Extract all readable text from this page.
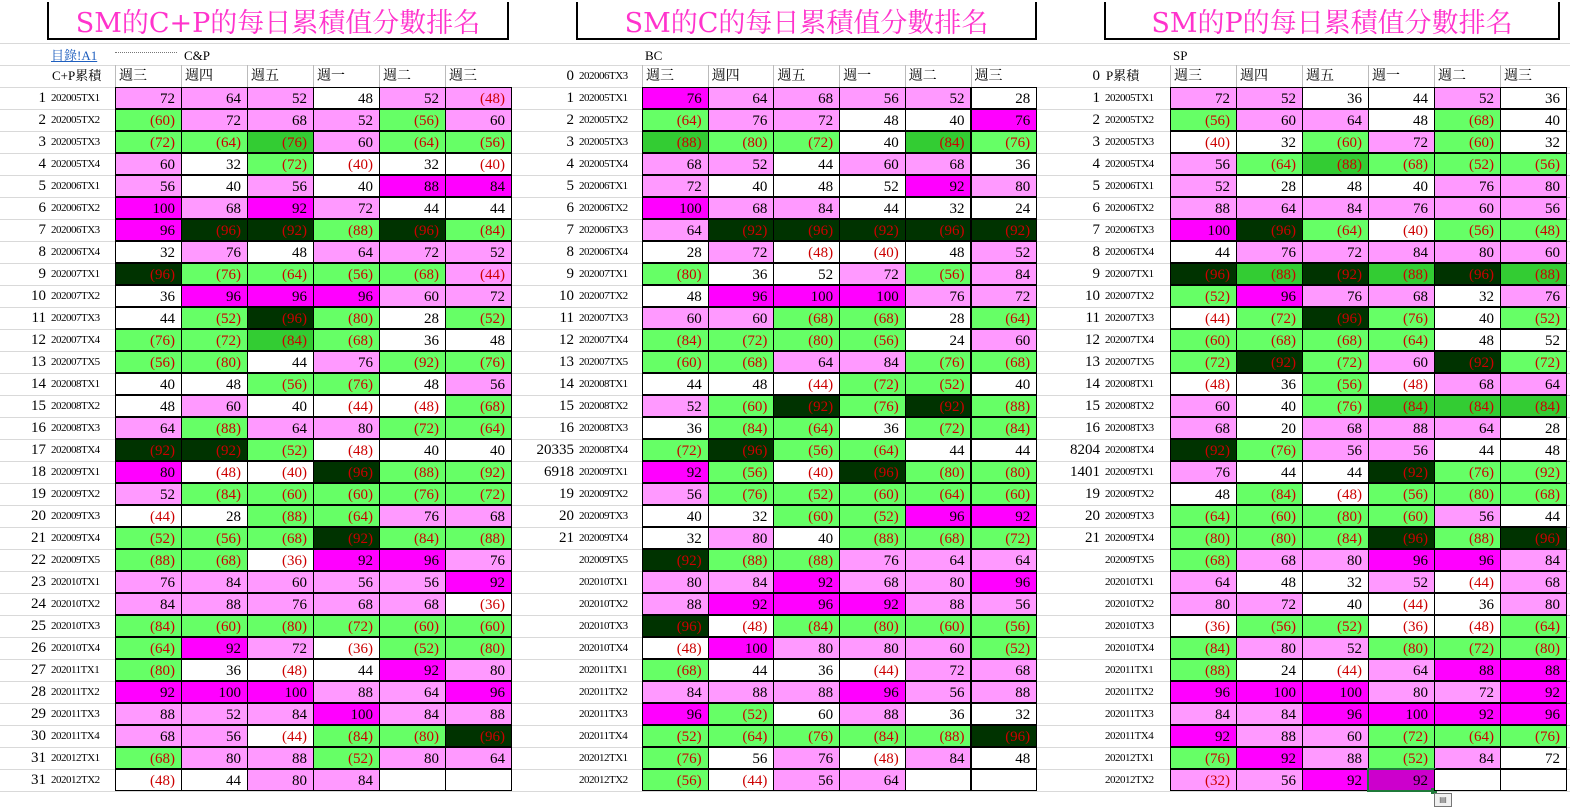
SM的C+P的每日累積值分數排名
目錄!A1	C&P
C+P累積	週三	週四	週五	週一	週二	週三
1 202005TX1	72	64	52	48	52	(48)
2 202005TX2	(60)	72	68	52	(56)	60
3 202005TX3	(72)	(64)	(76)	60	(64)	(56)
4 202005TX4	60	32	(72)	(40)	32	(40)
5 202006TX1	56	40	56	40	88	84
6 202006TX2	100	68	92	72	44	44
7 202006TX3	96	(96)	(92)	(88)	(96)	(84)
8 202006TX4	32	76	48	64	72	52
9 202007TX1	(96)	(76)	(64)	(56)	(68)	(44)
10 202007TX2	36	96	96	96	60	72
11 202007TX3	44	(52)	(96)	(80)	28	(52)
12 202007TX4	(76)	(72)	(84)	(68)	36	48
13 202007TX5	(56)	(80)	44	76	(92)	(76)
14 202008TX1	40	48	(56)	(76)	48	56
15 202008TX2	48	60	40	(44)	(48)	(68)
16 202008TX3	64	(88)	64	80	(72)	(64)
17 202008TX4	(92)	(92)	(52)	(48)	40	40
18 202009TX1	80	(48)	(40)	(96)	(88)	(92)
19 202009TX2	52	(84)	(60)	(60)	(76)	(72)
20 202009TX3	(44)	28	(88)	(64)	76	68
21 202009TX4	(52)	(56)	(68)	(92)	(84)	(88)
22 202009TX5	(88)	(68)	(36)	92	96	76
23 202010TX1	76	84	60	56	56	92
24 202010TX2	84	88	76	68	68	(36)
25 202010TX3	(84)	(60)	(80)	(72)	(60)	(60)
26 202010TX4	(64)	92	72	(36)	(52)	(80)
27 202011TX1	(80)	36	(48)	44	92	80
28 202011TX2	92	100	100	88	64	96
29 202011TX3	88	52	84	100	84	88
30 202011TX4	68	56	(44)	(84)	(80)	(96)
31 202012TX1	(68)	80	88	(52)	80	64
31 202012TX2	(48)	44	80	84
SM的C的每日累積值分數排名
BC
0 202006TX3	週三	週四	週五	週一	週二	週三
1 202005TX1	76	64	68	56	52	28
2 202005TX2	(64)	76	72	48	40	76
3 202005TX3	(88)	(80)	(72)	40	(84)	(76)
4 202005TX4	68	52	44	60	68	36
5 202006TX1	72	40	48	52	92	80
6 202006TX2	100	68	84	44	32	24
7 202006TX3	64	(92)	(96)	(92)	(96)	(92)
8 202006TX4	28	72	(48)	(40)	48	52
9 202007TX1	(80)	36	52	72	(56)	84
10 202007TX2	48	96	100	100	76	72
11 202007TX3	60	60	(68)	(68)	28	(64)
12 202007TX4	(84)	(72)	(80)	(56)	24	60
13 202007TX5	(60)	(68)	64	84	(76)	(68)
14 202008TX1	44	48	(44)	(72)	(52)	40
15 202008TX2	52	(60)	(92)	(76)	(92)	(88)
16 202008TX3	36	(84)	(64)	36	(72)	(84)
20335 202008TX4	(72)	(96)	(56)	(64)	44	44
6918 202009TX1	92	(56)	(40)	(96)	(80)	(80)
19 202009TX2	56	(76)	(52)	(60)	(64)	(60)
20 202009TX3	40	32	(60)	(52)	96	92
21 202009TX4	32	80	40	(88)	(68)	(72)
202009TX5	(92)	(88)	(88)	76	64	64
202010TX1	80	84	92	68	80	96
202010TX2	88	92	96	92	88	56
202010TX3	(96)	(48)	(84)	(80)	(60)	(56)
202010TX4	(48)	100	80	80	60	(52)
202011TX1	(68)	44	36	(44)	72	68
202011TX2	84	88	88	96	56	88
202011TX3	96	(52)	60	88	36	32
202011TX4	(52)	(64)	(76)	(84)	(88)	(96)
202012TX1	(76)	56	76	(48)	84	48
202012TX2	(56)	(44)	56	64
SM的P的每日累積值分數排名
SP
0 P累積	週三	週四	週五	週一	週二	週三
1 202005TX1	72	52	36	44	52	36
2 202005TX2	(56)	60	64	48	(68)	40
3 202005TX3	(40)	32	(60)	72	(60)	32
4 202005TX4	56	(64)	(88)	(68)	(52)	(56)
5 202006TX1	52	28	48	40	76	80
6 202006TX2	88	64	84	76	60	56
7 202006TX3	100	(96)	(64)	(40)	(56)	(48)
8 202006TX4	44	76	72	84	80	60
9 202007TX1	(96)	(88)	(92)	(88)	(96)	(88)
10 202007TX2	(52)	96	76	68	32	76
11 202007TX3	(44)	(72)	(96)	(76)	40	(52)
12 202007TX4	(60)	(68)	(68)	(64)	48	52
13 202007TX5	(72)	(92)	(72)	60	(92)	(72)
14 202008TX1	(48)	36	(56)	(48)	68	64
15 202008TX2	60	40	(76)	(84)	(84)	(84)
16 202008TX3	68	20	68	88	64	28
8204 202008TX4	(92)	(76)	56	56	44	48
1401 202009TX1	76	44	44	(92)	(76)	(92)
19 202009TX2	48	(84)	(48)	(56)	(80)	(68)
20 202009TX3	(64)	(60)	(80)	(60)	56	44
21 202009TX4	(80)	(80)	(84)	(96)	(88)	(96)
202009TX5	(68)	68	80	96	96	84
202010TX1	64	48	32	52	(44)	68
202010TX2	80	72	40	(44)	36	80
202010TX3	(36)	(56)	(52)	(36)	(48)	(64)
202010TX4	(84)	80	52	(80)	(72)	(80)
202011TX1	(88)	24	(44)	64	88	88
202011TX2	96	100	100	80	72	92
202011TX3	84	84	96	100	92	96
202011TX4	92	88	60	(72)	(64)	(76)
202012TX1	(76)	92	88	(52)	84	72
202012TX2	(32)	56	92	92
▤
